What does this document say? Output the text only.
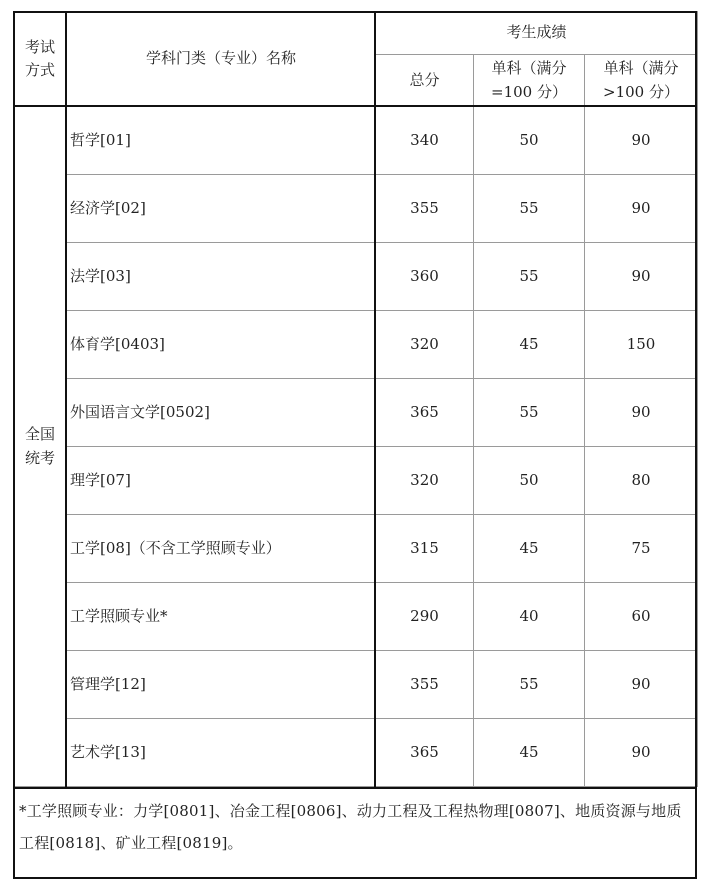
考试方式	学科门类（专业）名称	考生成绩		
		总分	单科（满分=100 分）	单科（满分>100 分）
全国统考	哲学[01]	340	50	90
	经济学[02]	355	55	90
	法学[03]	360	55	90
	体育学[0403]	320	45	150
	外国语言文学[0502]	365	55	90
	理学[07]	320	50	80
	工学[08]（不含工学照顾专业）	315	45	75
	工学照顾专业*	290	40	60
	管理学[12]	355	55	90
	艺术学[13]	365	45	90
*工学照顾专业：力学[0801]、冶金工程[0806]、动力工程及工程热物理[0807]、地质资源与地质工程[0818]、矿业工程[0819]。
